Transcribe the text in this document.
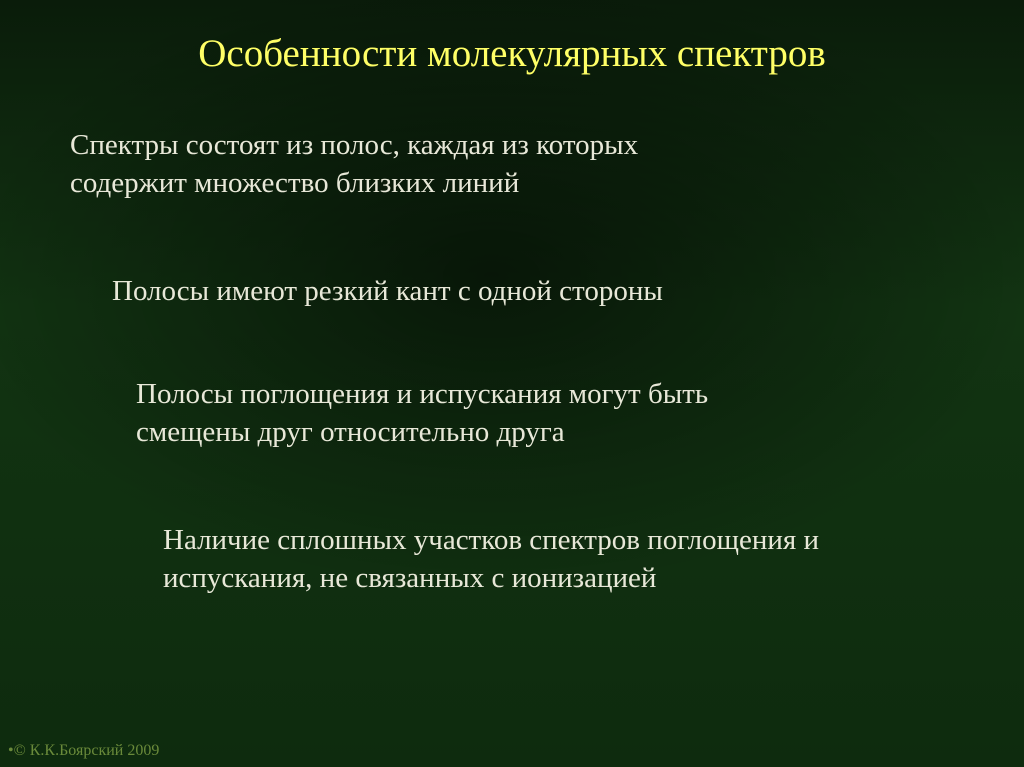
Особенности молекулярных спектров
Спектры состоят из полос, каждая из которых
содержит множество близких линий
Полосы имеют резкий кант с одной стороны
Полосы поглощения и испускания могут быть
смещены друг относительно друга
Наличие сплошных участков спектров поглощения и
испускания, не связанных с ионизацией
•© К.К.Боярский 2009
